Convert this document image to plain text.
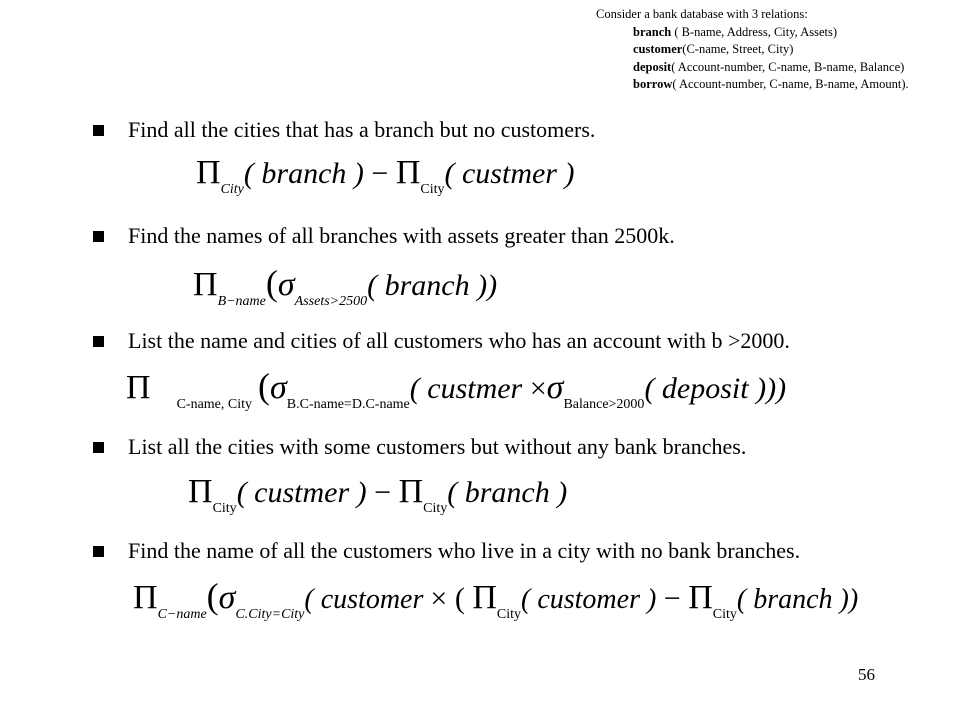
Consider a bank database with 3 relations:
branch ( B-name, Address, City, Assets)
customer(C-name, Street, City)
deposit( Account-number, C-name, B-name, Balance)
borrow( Account-number, C-name, B-name, Amount).
Find all the cities that has a branch but no customers.
ΠCity( branch ) − ΠCity( custmer )
Find the names of all branches with assets greater than 2500k.
ΠB−name(σAssets>2500( branch ))
List the name and cities of all customers who has an account with b >2000.
Π C-name, City (σB.C-name=D.C-name( custmer ×σBalance>2000( deposit )))
List all the cities with some customers but without any bank branches.
ΠCity( custmer ) − ΠCity( branch )
Find the name of all the customers who live in a city with no bank branches.
ΠC−name(σC.City=City( customer × ( ΠCity( customer ) − ΠCity( branch ))
56
